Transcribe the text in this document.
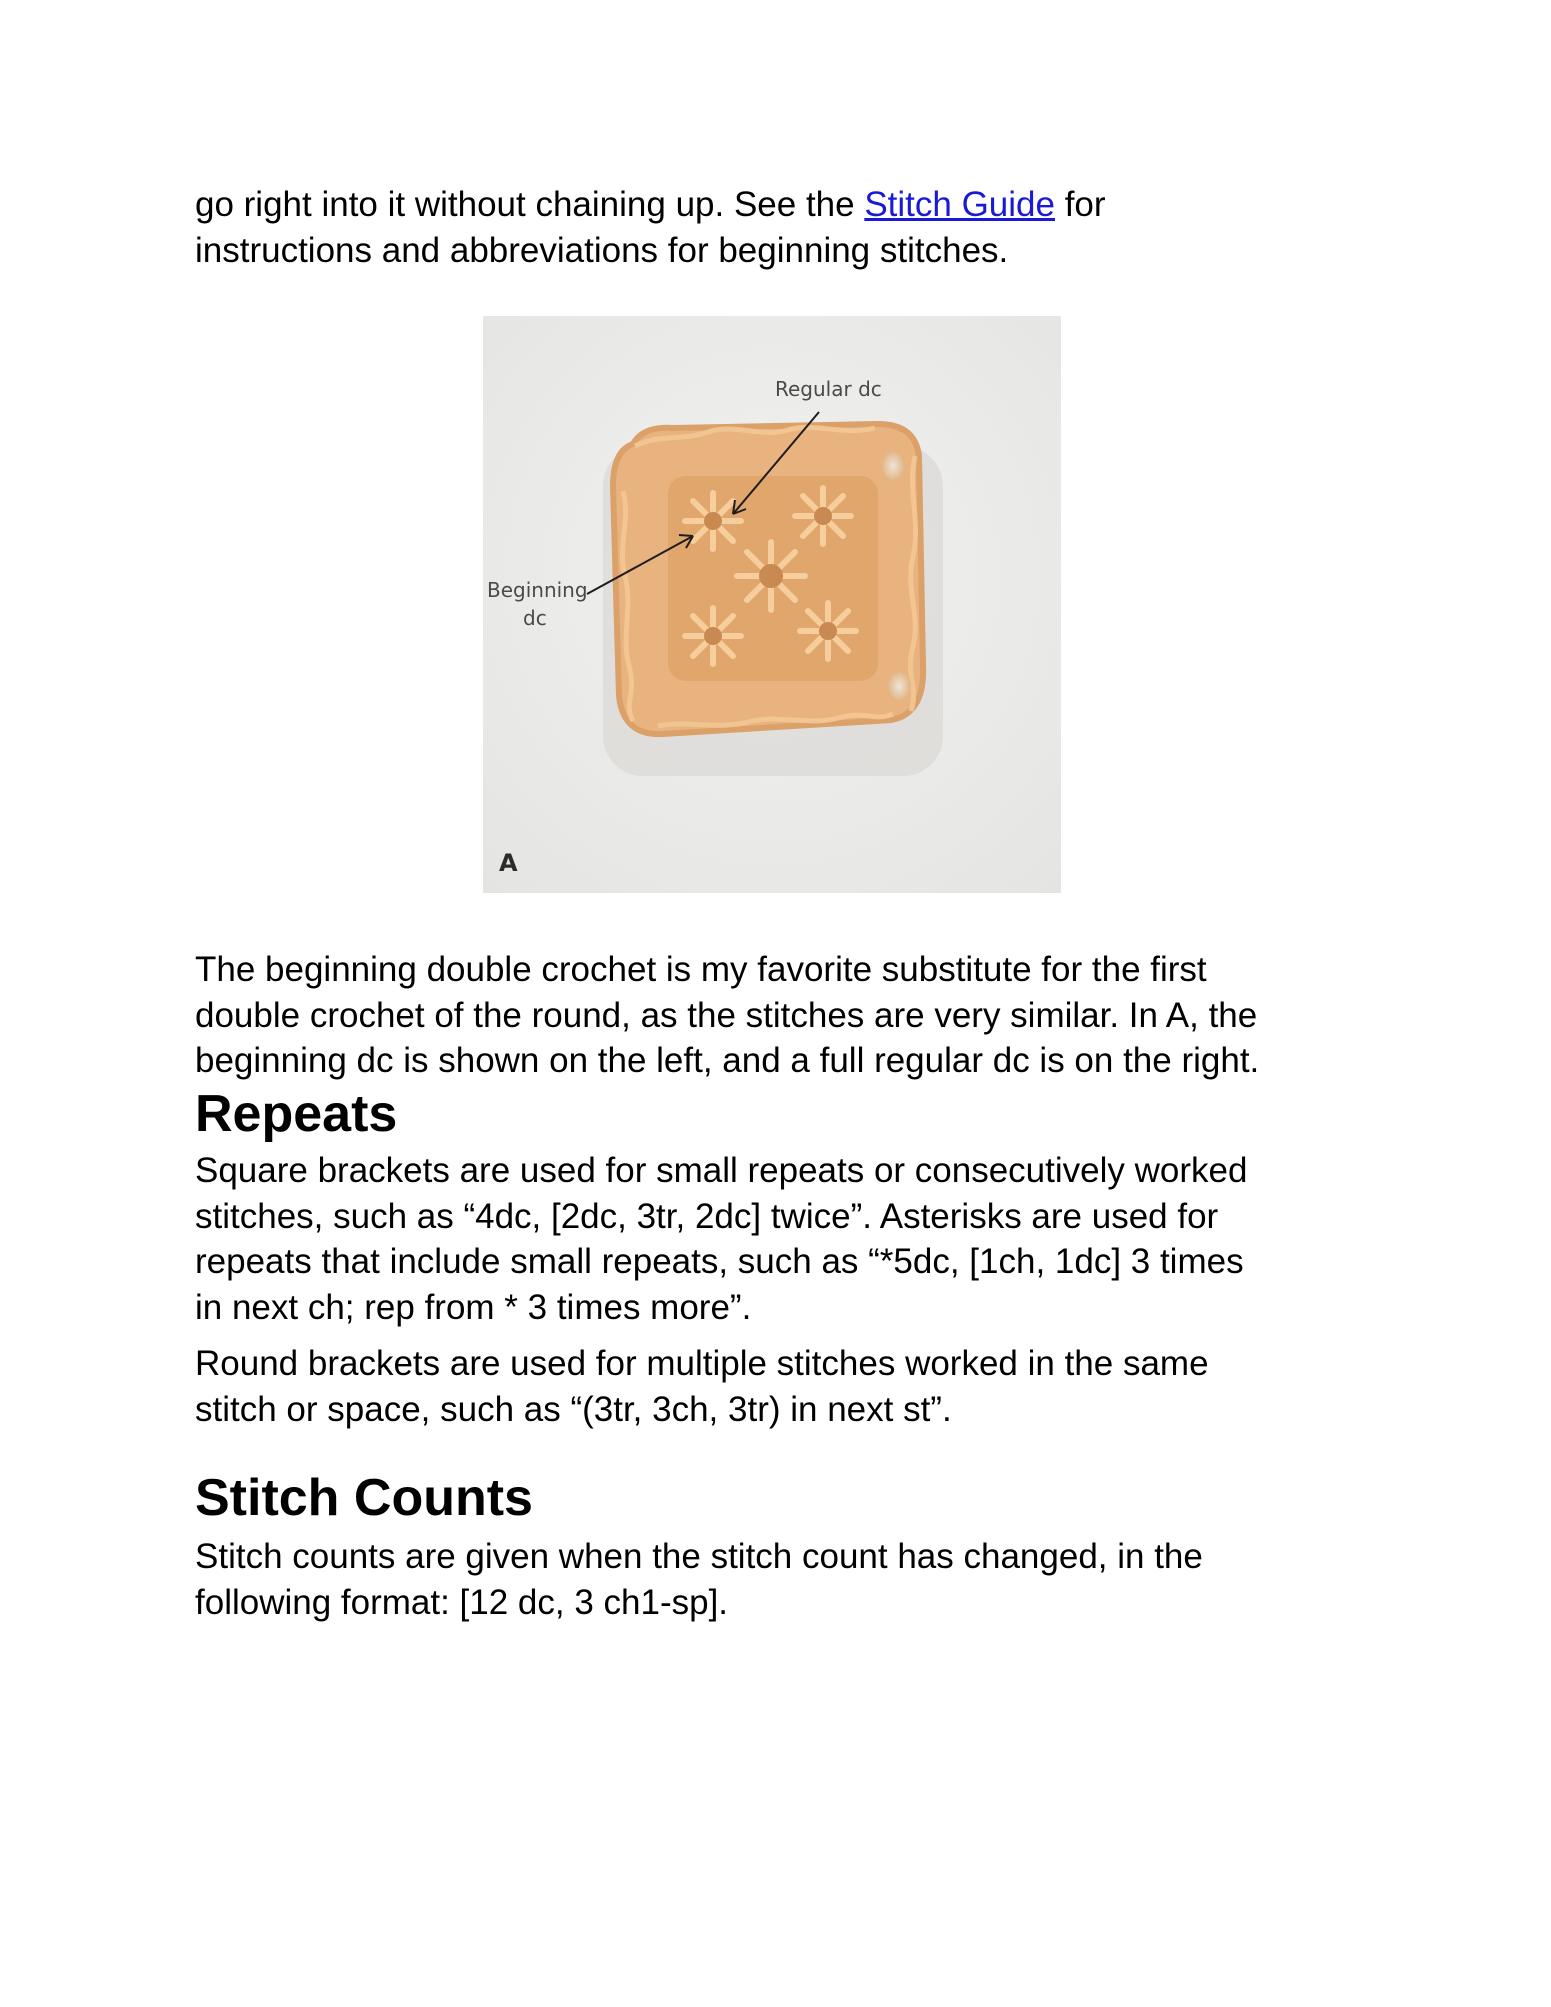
go right into it without chaining up. See the Stitch Guide for
instructions and abbreviations for beginning stitches.

Regular dc
Beginning
dc
A

The beginning double crochet is my favorite substitute for the first
double crochet of the round, as the stitches are very similar. In A, the
beginning dc is shown on the left, and a full regular dc is on the right.

Repeats

Square brackets are used for small repeats or consecutively worked
stitches, such as “4dc, [2dc, 3tr, 2dc] twice”. Asterisks are used for
repeats that include small repeats, such as “*5dc, [1ch, 1dc] 3 times
in next ch; rep from * 3 times more”.

Round brackets are used for multiple stitches worked in the same
stitch or space, such as “(3tr, 3ch, 3tr) in next st”.

Stitch Counts

Stitch counts are given when the stitch count has changed, in the
following format: [12 dc, 3 ch1-sp].
